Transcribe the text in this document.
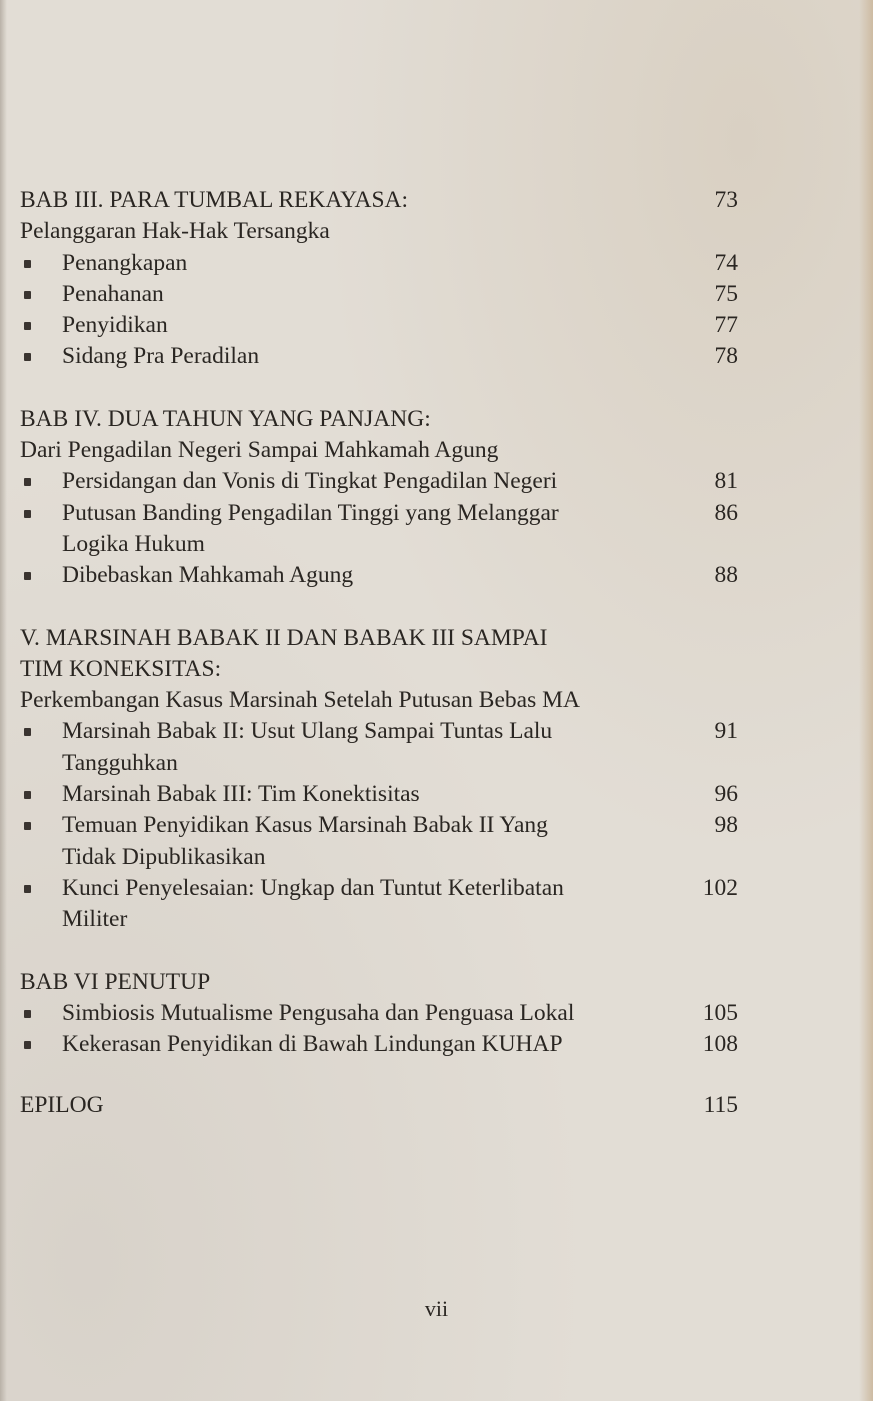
BAB III. PARA TUMBAL REKAYASA:	73
Pelanggaran Hak-Hak Tersangka
Penangkapan	74
Penahanan	75
Penyidikan	77
Sidang Pra Peradilan	78
BAB IV. DUA TAHUN YANG PANJANG:
Dari Pengadilan Negeri Sampai Mahkamah Agung
Persidangan dan Vonis di Tingkat Pengadilan Negeri	81
Putusan Banding Pengadilan Tinggi yang Melanggar	86
Logika Hukum
Dibebaskan Mahkamah Agung	88
V. MARSINAH BABAK II DAN BABAK III SAMPAI
TIM KONEKSITAS:
Perkembangan Kasus Marsinah Setelah Putusan Bebas MA
Marsinah Babak II: Usut Ulang Sampai Tuntas Lalu	91
Tangguhkan
Marsinah Babak III: Tim Konektisitas	96
Temuan Penyidikan Kasus Marsinah Babak II Yang	98
Tidak Dipublikasikan
Kunci Penyelesaian: Ungkap dan Tuntut Keterlibatan	102
Militer
BAB VI PENUTUP
Simbiosis Mutualisme Pengusaha dan Penguasa Lokal	105
Kekerasan Penyidikan di Bawah Lindungan KUHAP	108
EPILOG	115
vii
